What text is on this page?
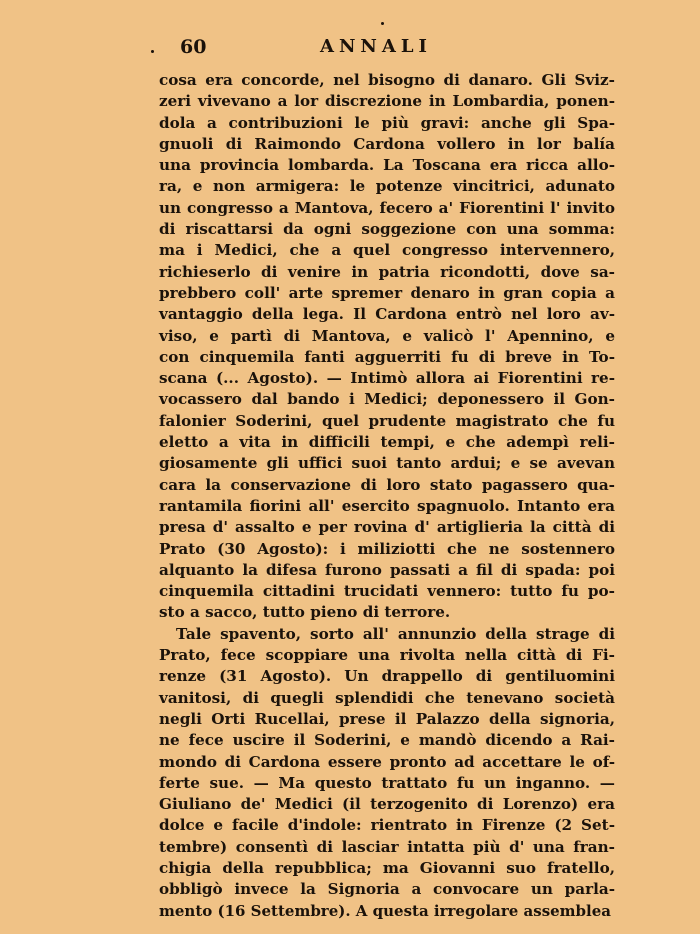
60	ANNALI
cosa era concorde, nel bisogno di danaro. Gli Sviz-
zeri vivevano a lor discrezione in Lombardia, ponen-
dola a contribuzioni le più gravi: anche gli Spa-
gnuoli di Raimondo Cardona vollero in lor balía
una provincia lombarda. La Toscana era ricca allo-
ra, e non armigera: le potenze vincitrici, adunato
un congresso a Mantova, fecero a' Fiorentini l' invito
di riscattarsi da ogni soggezione con una somma:
ma i Medici, che a quel congresso intervennero,
richieserlo di venire in patria ricondotti, dove sa-
prebbero coll' arte spremer denaro in gran copia a
vantaggio della lega. Il Cardona entrò nel loro av-
viso, e partì di Mantova, e valicò l' Apennino, e
con cinquemila fanti agguerriti fu di breve in To-
scana (... Agosto). — Intimò allora ai Fiorentini re-
vocassero dal bando i Medici; deponessero il Gon-
falonier Soderini, quel prudente magistrato che fu
eletto a vita in difficili tempi, e che adempì reli-
giosamente gli uffici suoi tanto ardui; e se avevan
cara la conservazione di loro stato pagassero qua-
rantamila fiorini all' esercito spagnuolo. Intanto era
presa d' assalto e per rovina d' artiglieria la città di
Prato (30 Agosto): i miliziotti che ne sostennero
alquanto la difesa furono passati a fil di spada: poi
cinquemila cittadini trucidati vennero: tutto fu po-
sto a sacco, tutto pieno di terrore.
Tale spavento, sorto all' annunzio della strage di
Prato, fece scoppiare una rivolta nella città di Fi-
renze (31 Agosto). Un drappello di gentiluomini
vanitosi, di quegli splendidi che tenevano società
negli Orti Rucellai, prese il Palazzo della signoria,
ne fece uscire il Soderini, e mandò dicendo a Rai-
mondo di Cardona essere pronto ad accettare le of-
ferte sue. — Ma questo trattato fu un inganno. —
Giuliano de' Medici (il terzogenito di Lorenzo) era
dolce e facile d'indole: rientrato in Firenze (2 Set-
tembre) consentì di lasciar intatta più d' una fran-
chigia della repubblica; ma Giovanni suo fratello,
obbligò invece la Signoria a convocare un parla-
mento (16 Settembre). A questa irregolare assemblea
